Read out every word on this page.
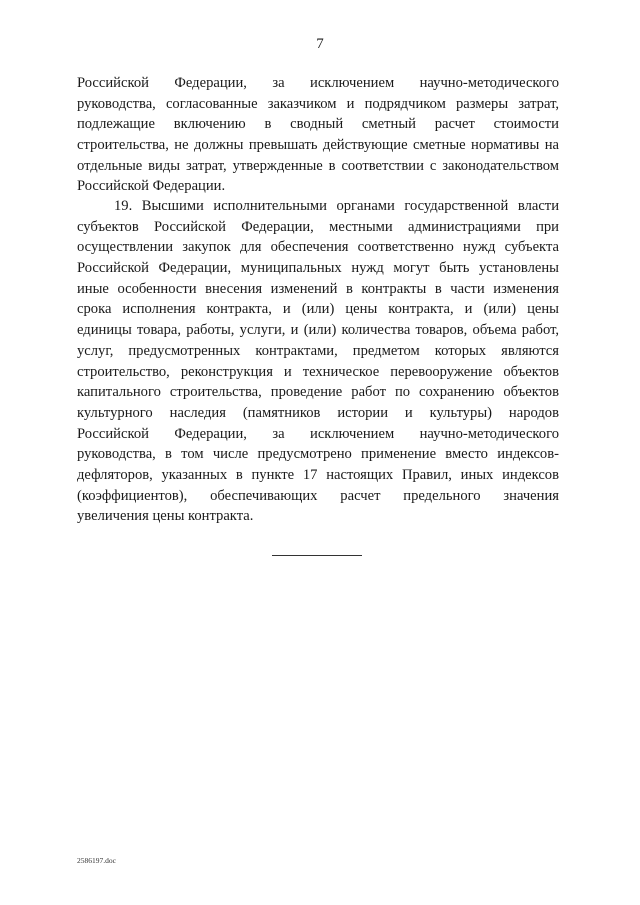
7
Российской Федерации, за исключением научно-методического
руководства, согласованные заказчиком и подрядчиком размеры затрат,
подлежащие включению в сводный сметный расчет стоимости
строительства, не должны превышать действующие сметные нормативы на
отдельные виды затрат, утвержденные в соответствии с законодательством
Российской Федерации.
19. Высшими исполнительными органами государственной власти
субъектов Российской Федерации, местными администрациями при
осуществлении закупок для обеспечения соответственно нужд субъекта
Российской Федерации, муниципальных нужд могут быть установлены
иные особенности внесения изменений в контракты в части изменения
срока исполнения контракта, и (или) цены контракта, и (или) цены
единицы товара, работы, услуги, и (или) количества товаров, объема работ,
услуг, предусмотренных контрактами, предметом которых являются
строительство, реконструкция и техническое перевооружение объектов
капитального строительства, проведение работ по сохранению объектов
культурного наследия (памятников истории и культуры) народов
Российской Федерации, за исключением научно-методического
руководства, в том числе предусмотрено применение вместо индексов-
дефляторов, указанных в пункте 17 настоящих Правил, иных индексов
(коэффициентов), обеспечивающих расчет предельного значения
увеличения цены контракта.
2586197.doc
